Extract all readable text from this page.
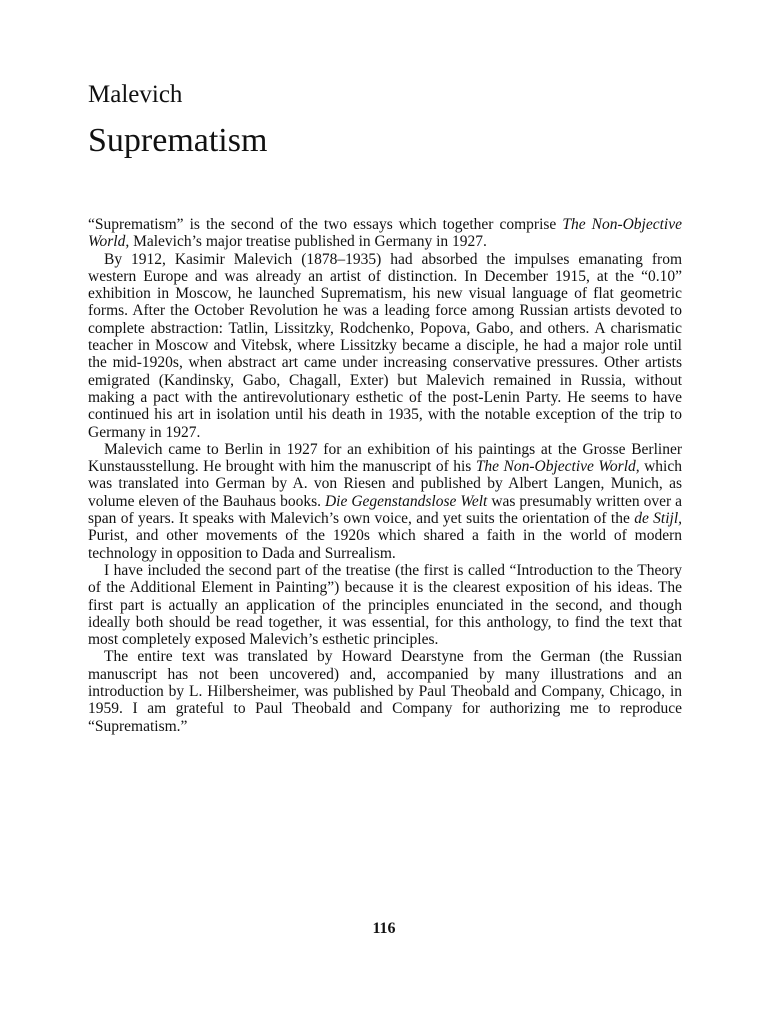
Malevich
Suprematism

“Suprematism” is the second of the two essays which together comprise The Non-Objective World, Malevich’s major treatise published in Germany in 1927.

By 1912, Kasimir Malevich (1878–1935) had absorbed the impulses emanating from western Europe and was already an artist of distinction. In December 1915, at the “0.10” exhibition in Moscow, he launched Suprematism, his new visual language of flat geometric forms. After the October Revolution he was a leading force among Russian artists devoted to complete abstraction: Tatlin, Lissitzky, Rodchenko, Popova, Gabo, and others. A charismatic teacher in Moscow and Vitebsk, where Lissitzky became a disciple, he had a major role until the mid-1920s, when abstract art came under increasing conservative pressures. Other artists emigrated (Kandinsky, Gabo, Chagall, Exter) but Malevich remained in Russia, without making a pact with the antirevolutionary esthetic of the post-Lenin Party. He seems to have continued his art in isolation until his death in 1935, with the notable exception of the trip to Germany in 1927.

Malevich came to Berlin in 1927 for an exhibition of his paintings at the Grosse Berliner Kunstausstellung. He brought with him the manuscript of his The Non-Objective World, which was translated into German by A. von Riesen and published by Albert Langen, Munich, as volume eleven of the Bauhaus books. Die Gegenstandslose Welt was presumably written over a span of years. It speaks with Malevich’s own voice, and yet suits the orientation of the de Stijl, Purist, and other movements of the 1920s which shared a faith in the world of modern technology in opposition to Dada and Surrealism.

I have included the second part of the treatise (the first is called “Introduction to the Theory of the Additional Element in Painting”) because it is the clearest exposition of his ideas. The first part is actually an application of the principles enunciated in the second, and though ideally both should be read together, it was essential, for this anthology, to find the text that most completely exposed Malevich’s esthetic principles.

The entire text was translated by Howard Dearstyne from the German (the Russian manuscript has not been uncovered) and, accompanied by many illustrations and an introduction by L. Hilbersheimer, was published by Paul Theobald and Company, Chicago, in 1959. I am grateful to Paul Theobald and Company for authorizing me to reproduce “Suprematism.”

116
